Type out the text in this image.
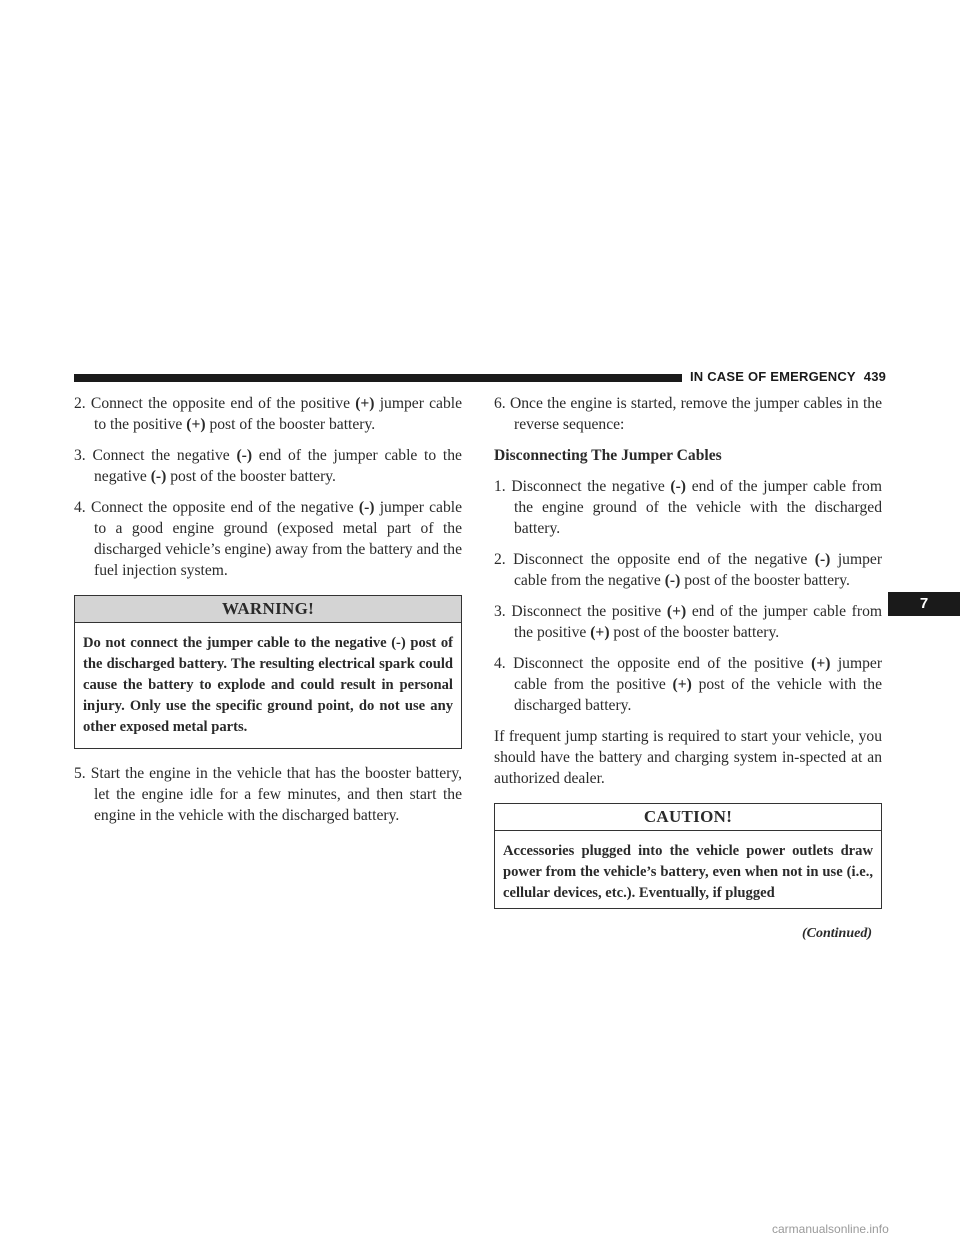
IN CASE OF EMERGENCY 439

2. Connect the opposite end of the positive (+) jumper cable to the positive (+) post of the booster battery.

3. Connect the negative (-) end of the jumper cable to the negative (-) post of the booster battery.

4. Connect the opposite end of the negative (-) jumper cable to a good engine ground (exposed metal part of the discharged vehicle’s engine) away from the battery and the fuel injection system.

WARNING!
Do not connect the jumper cable to the negative (-) post of the discharged battery. The resulting electrical spark could cause the battery to explode and could result in personal injury. Only use the specific ground point, do not use any other exposed metal parts.

5. Start the engine in the vehicle that has the booster battery, let the engine idle for a few minutes, and then start the engine in the vehicle with the discharged battery.

6. Once the engine is started, remove the jumper cables in the reverse sequence:

Disconnecting The Jumper Cables

1. Disconnect the negative (-) end of the jumper cable from the engine ground of the vehicle with the discharged battery.

2. Disconnect the opposite end of the negative (-) jumper cable from the negative (-) post of the booster battery.

3. Disconnect the positive (+) end of the jumper cable from the positive (+) post of the booster battery.

4. Disconnect the opposite end of the positive (+) jumper cable from the positive (+) post of the vehicle with the discharged battery.

If frequent jump starting is required to start your vehicle, you should have the battery and charging system in-spected at an authorized dealer.

CAUTION!
Accessories plugged into the vehicle power outlets draw power from the vehicle’s battery, even when not in use (i.e., cellular devices, etc.). Eventually, if plugged
(Continued)
7
carmanualsonline.info
